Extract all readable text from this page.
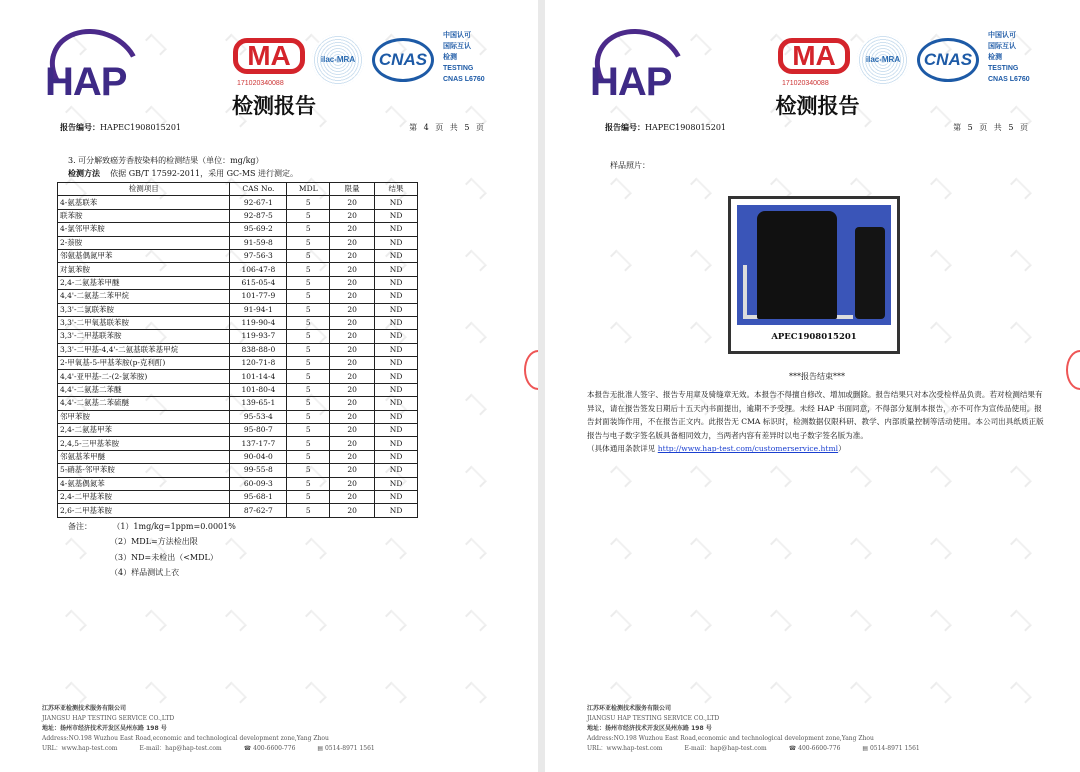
HAP
MA
171020340088
ilac-MRA	CNAS
中国认可
国际互认
检测
TESTING
CNAS L6760
检测报告
报告编号：HAPEC1908015201
江苏环亚检测技术服务有限公司
JIANGSU HAP TESTING SERVICE CO.,LTD
地址：扬州市经济技术开发区吴州东路 198 号
Address:NO.198 Wuzhou East Road,economic and technological development zone,Yang Zhou
URL：www.hap-test.com	E-mail：hap@hap-test.com	☎ 400-6600-776	▤ 0514-8971 1561
第 4 页 共 5 页
3. 可分解致癌芳香胺染料的检测结果（单位：mg/kg）
检测方法 依据 GB/T 17592-2011，采用 GC-MS 进行测定。
检测项目	CAS No.	MDL	限量	结果
4-氨基联苯	92-67-1	5	20	ND
联苯胺	92-87-5	5	20	ND
4-氯邻甲苯胺	95-69-2	5	20	ND
2-萘胺	91-59-8	5	20	ND
邻氨基偶氮甲苯	97-56-3	5	20	ND
对氯苯胺	106-47-8	5	20	ND
2,4-二氨基苯甲醚	615-05-4	5	20	ND
4,4'-二氨基二苯甲烷	101-77-9	5	20	ND
3,3'-二氯联苯胺	91-94-1	5	20	ND
3,3'-二甲氧基联苯胺	119-90-4	5	20	ND
3,3'-二甲基联苯胺	119-93-7	5	20	ND
3,3'-二甲基-4,4'-二氨基联苯基甲烷	838-88-0	5	20	ND
2-甲氧基-5-甲基苯胺(p-克利酊)	120-71-8	5	20	ND
4,4'-亚甲基-二-(2-氯苯胺)	101-14-4	5	20	ND
4,4'-二氨基二苯醚	101-80-4	5	20	ND
4,4'-二氨基二苯硫醚	139-65-1	5	20	ND
邻甲苯胺	95-53-4	5	20	ND
2,4-二氨基甲苯	95-80-7	5	20	ND
2,4,5-三甲基苯胺	137-17-7	5	20	ND
邻氨基苯甲醚	90-04-0	5	20	ND
5-硝基-邻甲苯胺	99-55-8	5	20	ND
4-氨基偶氮苯	60-09-3	5	20	ND
2,4-二甲基苯胺	95-68-1	5	20	ND
2,6-二甲基苯胺	87-62-7	5	20	ND
备注：	（1）1mg/kg=1ppm=0.0001%
（2）MDL=方法检出限
（3）ND=未检出（<MDL）
（4）样品测试上衣
HAP
MA
171020340088
ilac-MRA	CNAS
中国认可
国际互认
检测
TESTING
CNAS L6760
检测报告
报告编号：HAPEC1908015201
江苏环亚检测技术服务有限公司
JIANGSU HAP TESTING SERVICE CO.,LTD
地址：扬州市经济技术开发区吴州东路 198 号
Address:NO.198 Wuzhou East Road,economic and technological development zone,Yang Zhou
URL：www.hap-test.com	E-mail：hap@hap-test.com	☎ 400-6600-776	▤ 0514-8971 1561
第 5 页 共 5 页
样品照片：
APEC1908015201
***报告结束***
本报告无批准人签字、报告专用章及骑缝章无效。本报告不得擅自修改、增加或删除。报告结果只对本次受检样品负责。若对检测结果有异议，请在报告签发日期后十五天内书面提出，逾期不予受理。未经 HAP 书面同意，不得部分复制本报告，亦不可作为宣传品使用。报告封面装饰作用，不在报告正文内。此报告无 CMA 标识时，检测数据仅限科研、教学、内部质量控制等活动使用。本公司出具纸质正版报告与电子数字签名版具备相同效力，当两者内容有差异时以电子数字签名版为准。
（具体通用条款详见 http://www.hap-test.com/customerservice.html）
